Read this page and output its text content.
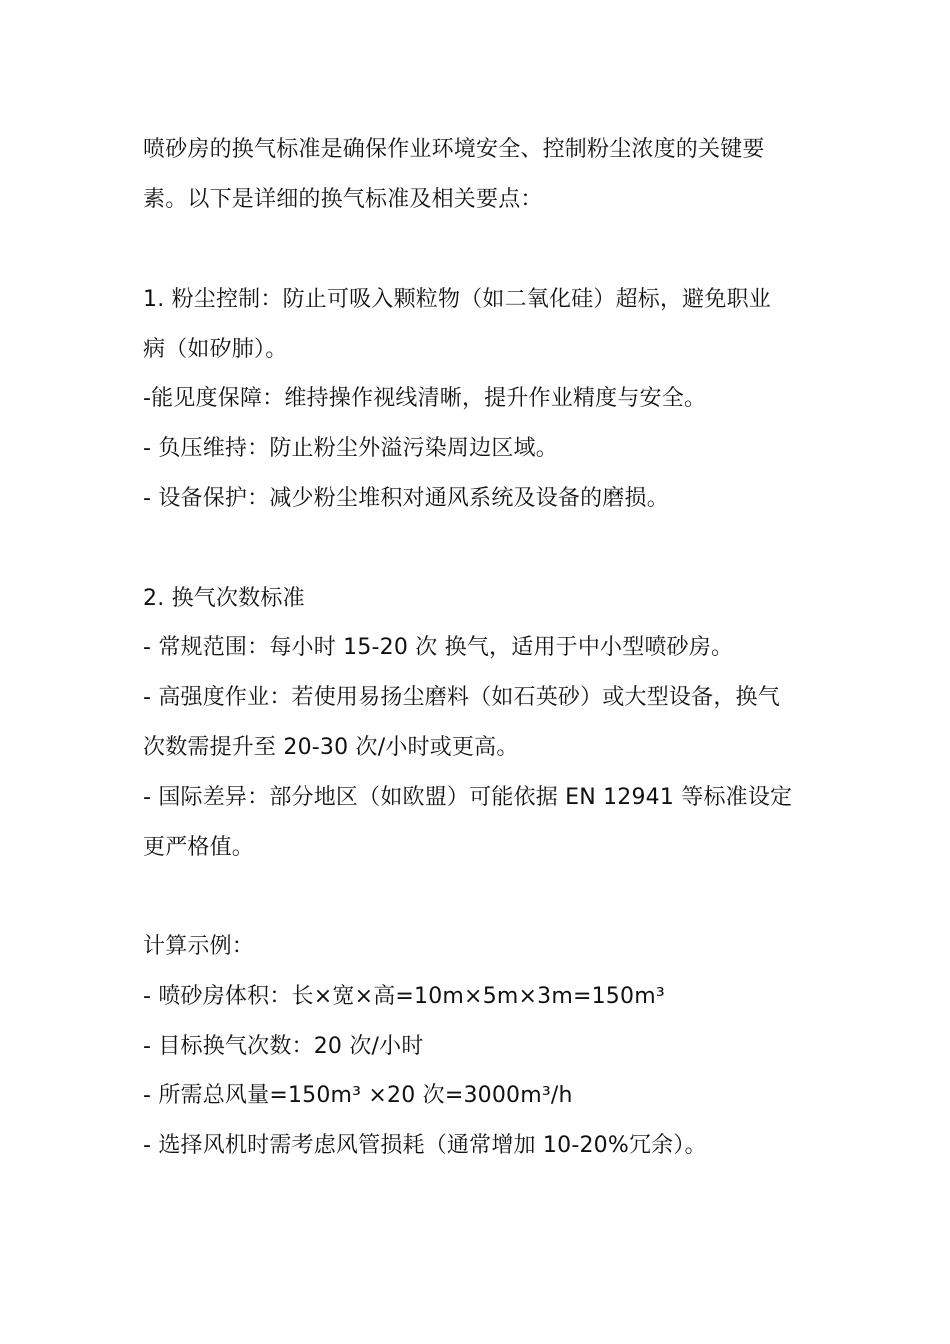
喷砂房的换气标准是确保作业环境安全、控制粉尘浓度的关键要
素。以下是详细的换气标准及相关要点：
1. 粉尘控制：防止可吸入颗粒物（如二氧化硅）超标，避免职业
病（如矽肺）。
-能见度保障：维持操作视线清晰，提升作业精度与安全。
- 负压维持：防止粉尘外溢污染周边区域。
- 设备保护：减少粉尘堆积对通风系统及设备的磨损。
2. 换气次数标准
- 常规范围：每小时 15-20 次 换气，适用于中小型喷砂房。
- 高强度作业：若使用易扬尘磨料（如石英砂）或大型设备，换气
次数需提升至 20-30 次/小时或更高。
- 国际差异：部分地区（如欧盟）可能依据 EN 12941 等标准设定
更严格值。
计算示例：
- 喷砂房体积：长×宽×高=10m×5m×3m=150m³
- 目标换气次数：20 次/小时
- 所需总风量=150m³ ×20 次=3000m³/h
- 选择风机时需考虑风管损耗（通常增加 10-20%冗余）。
